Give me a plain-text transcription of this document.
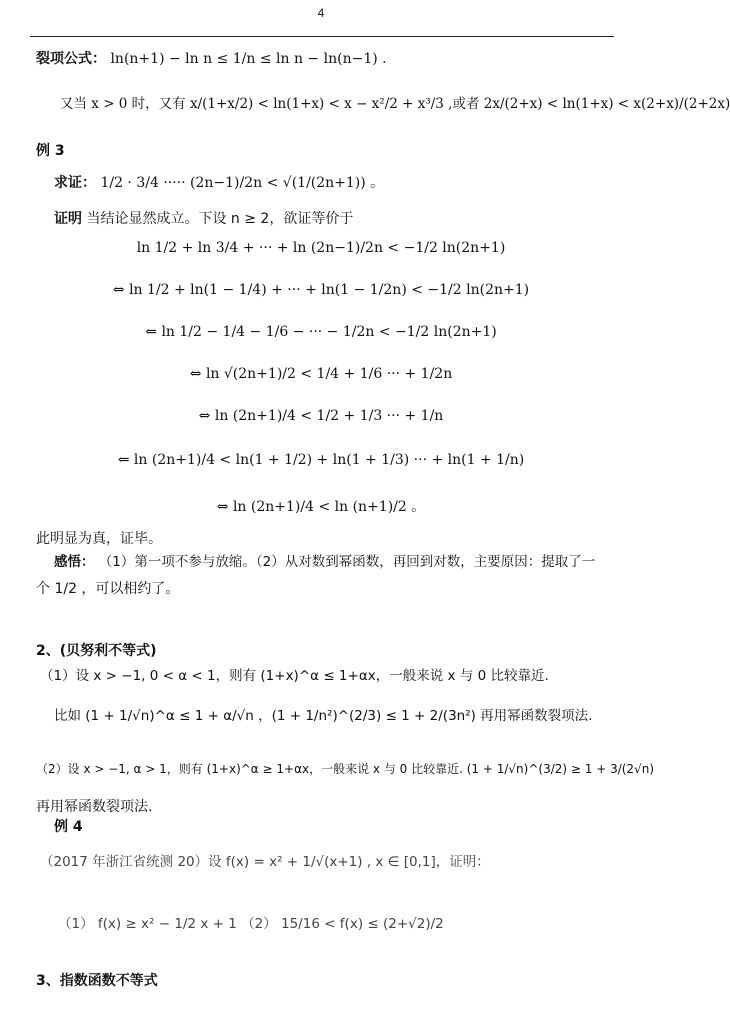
4
裂项公式： ln(n+1) − ln n ≤ 1/n ≤ ln n − ln(n−1) .
又当 x > 0 时，又有 x/(1+x/2) < ln(1+x) < x − x²/2 + x³/3 ,或者 2x/(2+x) < ln(1+x) < x(2+x)/(2+2x)
例 3
求证： 1/2 · 3/4 ····· (2n−1)/2n < √(1/(2n+1)) 。
证明 当结论显然成立。下设 n ≥ 2，欲证等价于
ln 1/2 + ln 3/4 + ··· + ln (2n−1)/2n < −1/2 ln(2n+1)
⇔ ln 1/2 + ln(1 − 1/4) + ··· + ln(1 − 1/2n) < −1/2 ln(2n+1)
⇐ ln 1/2 − 1/4 − 1/6 − ··· − 1/2n < −1/2 ln(2n+1)
⇔ ln √(2n+1)/2 < 1/4 + 1/6 ··· + 1/2n
⇔ ln (2n+1)/4 < 1/2 + 1/3 ··· + 1/n
⇐ ln (2n+1)/4 < ln(1 + 1/2) + ln(1 + 1/3) ··· + ln(1 + 1/n)
⇔ ln (2n+1)/4 < ln (n+1)/2 。
此明显为真，证毕。
感悟： （1）第一项不参与放缩。（2）从对数到幂函数，再回到对数，主要原因：提取了一
个 1/2 ，可以相约了。
2、(贝努利不等式)
（1）设 x > −1, 0 < α < 1，则有 (1+x)^α ≤ 1+αx，一般来说 x 与 0 比较靠近.
比如 (1 + 1/√n)^α ≤ 1 + α/√n ，(1 + 1/n²)^(2/3) ≤ 1 + 2/(3n²) 再用幂函数裂项法.
（2）设 x > −1, α > 1，则有 (1+x)^α ≥ 1+αx，一般来说 x 与 0 比较靠近. (1 + 1/√n)^(3/2) ≥ 1 + 3/(2√n)
再用幂函数裂项法.
例 4
（2017 年浙江省统测 20）设 f(x) = x² + 1/√(x+1) , x ∈ [0,1]，证明：
（1） f(x) ≥ x² − 1/2 x + 1 （2） 15/16 < f(x) ≤ (2+√2)/2
3、指数函数不等式
